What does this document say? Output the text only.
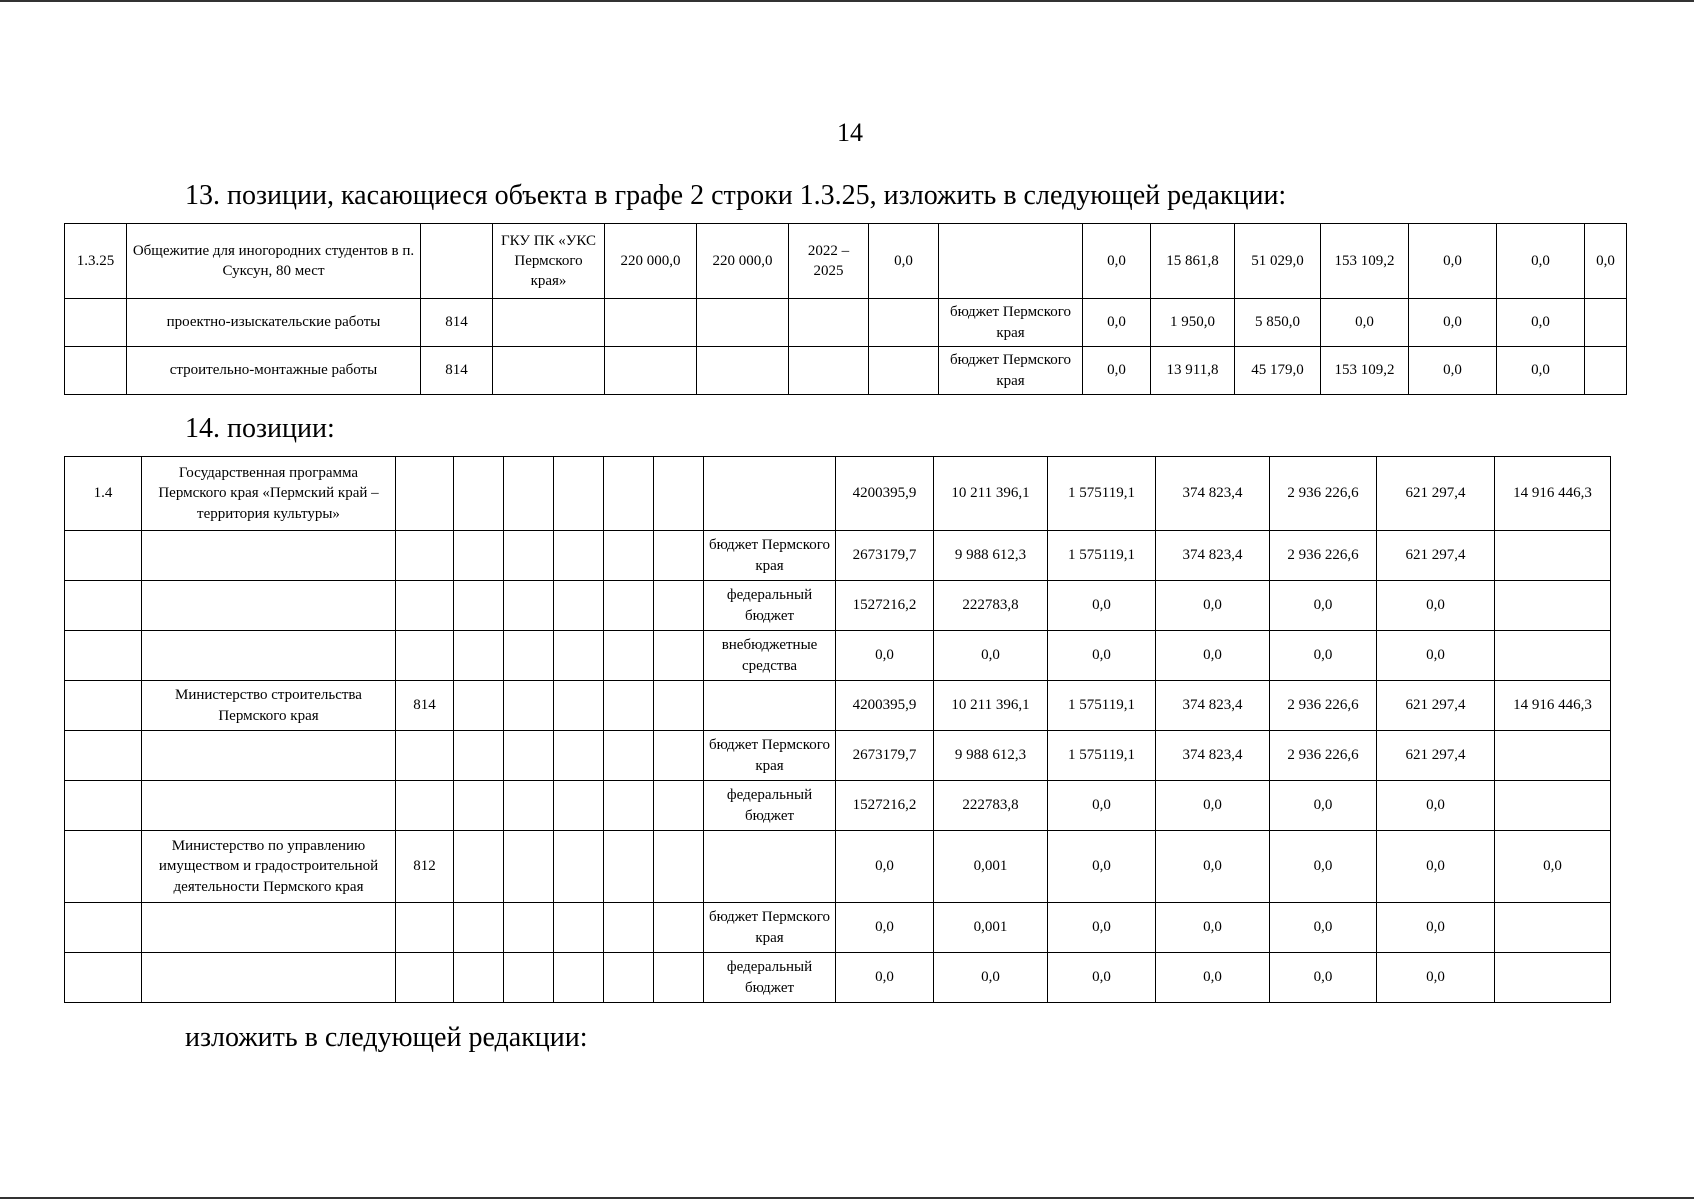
14
13. позиции, касающиеся объекта в графе 2 строки 1.3.25, изложить в следующей редакции:
1.3.25	Общежитие для иногородних студентов в п. Суксун, 80 мест		ГКУ ПК «УКС Пермского края»	220 000,0	220 000,0	2022 – 2025	0,0		0,0	15 861,8	51 029,0	153 109,2	0,0	0,0	0,0
	проектно-изыскательские работы	814						бюджет Пермского края	0,0	1 950,0	5 850,0	0,0	0,0	0,0	
	строительно-монтажные работы	814						бюджет Пермского края	0,0	13 911,8	45 179,0	153 109,2	0,0	0,0	
14. позиции:
1.4	Государственная программа Пермского края «Пермский край – территория культуры»								4200395,9	10 211 396,1	1 575119,1	374 823,4	2 936 226,6	621 297,4	14 916 446,3
								бюджет Пермского края	2673179,7	9 988 612,3	1 575119,1	374 823,4	2 936 226,6	621 297,4	
								федеральный бюджет	1527216,2	222783,8	0,0	0,0	0,0	0,0	
								внебюджетные средства	0,0	0,0	0,0	0,0	0,0	0,0	
	Министерство строительства Пермского края	814							4200395,9	10 211 396,1	1 575119,1	374 823,4	2 936 226,6	621 297,4	14 916 446,3
								бюджет Пермского края	2673179,7	9 988 612,3	1 575119,1	374 823,4	2 936 226,6	621 297,4	
								федеральный бюджет	1527216,2	222783,8	0,0	0,0	0,0	0,0	
	Министерство по управлению имуществом и градостроительной деятельности Пермского края	812							0,0	0,001	0,0	0,0	0,0	0,0	0,0
								бюджет Пермского края	0,0	0,001	0,0	0,0	0,0	0,0	
								федеральный бюджет	0,0	0,0	0,0	0,0	0,0	0,0	
изложить в следующей редакции:
